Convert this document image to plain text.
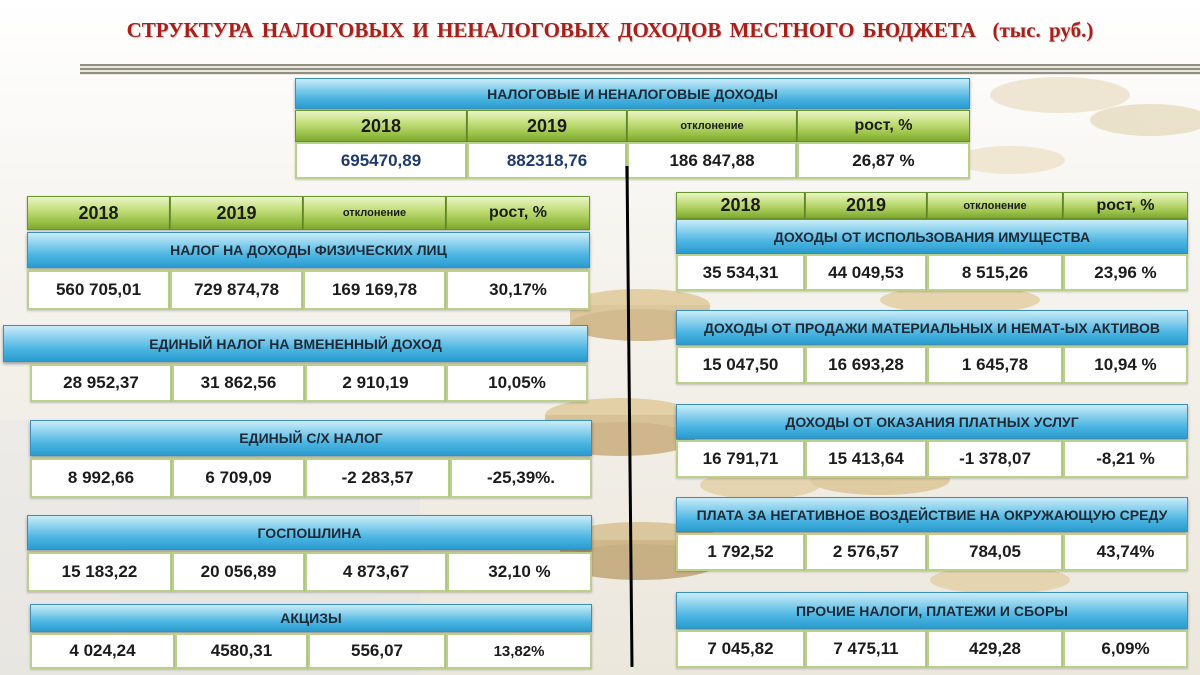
СТРУКТУРА НАЛОГОВЫХ И НЕНАЛОГОВЫХ ДОХОДОВ МЕСТНОГО БЮДЖЕТА (тыс. руб.)
НАЛОГОВЫЕ И НЕНАЛОГОВЫЕ ДОХОДЫ
2018	2019	отклонение	рост, %
695470,89	882318,76	186 847,88	26,87 %
2018	2019	отклонение	рост, %
НАЛОГ НА ДОХОДЫ ФИЗИЧЕСКИХ ЛИЦ
560 705,01	729 874,78	169 169,78	30,17%
ЕДИНЫЙ НАЛОГ НА ВМЕНЕННЫЙ ДОХОД
28 952,37	31 862,56	2 910,19	10,05%
ЕДИНЫЙ С/Х НАЛОГ
8 992,66	6 709,09	-2 283,57	-25,39%.
ГОСПОШЛИНА
15 183,22	20 056,89	4 873,67	32,10 %
АКЦИЗЫ
4 024,24	4580,31	556,07	13,82%
2018	2019	отклонение	рост, %
ДОХОДЫ ОТ ИСПОЛЬЗОВАНИЯ ИМУЩЕСТВА
35 534,31	44 049,53	8 515,26	23,96 %
ДОХОДЫ ОТ ПРОДАЖИ МАТЕРИАЛЬНЫХ И НЕМАТ-ЫХ АКТИВОВ
15 047,50	16 693,28	1 645,78	10,94 %
ДОХОДЫ ОТ ОКАЗАНИЯ ПЛАТНЫХ УСЛУГ
16 791,71	15 413,64	-1 378,07	-8,21 %
ПЛАТА ЗА НЕГАТИВНОЕ ВОЗДЕЙСТВИЕ НА ОКРУЖАЮЩУЮ СРЕДУ
1 792,52	2 576,57	784,05	43,74%
ПРОЧИЕ НАЛОГИ, ПЛАТЕЖИ И СБОРЫ
7 045,82	7 475,11	429,28	6,09%
